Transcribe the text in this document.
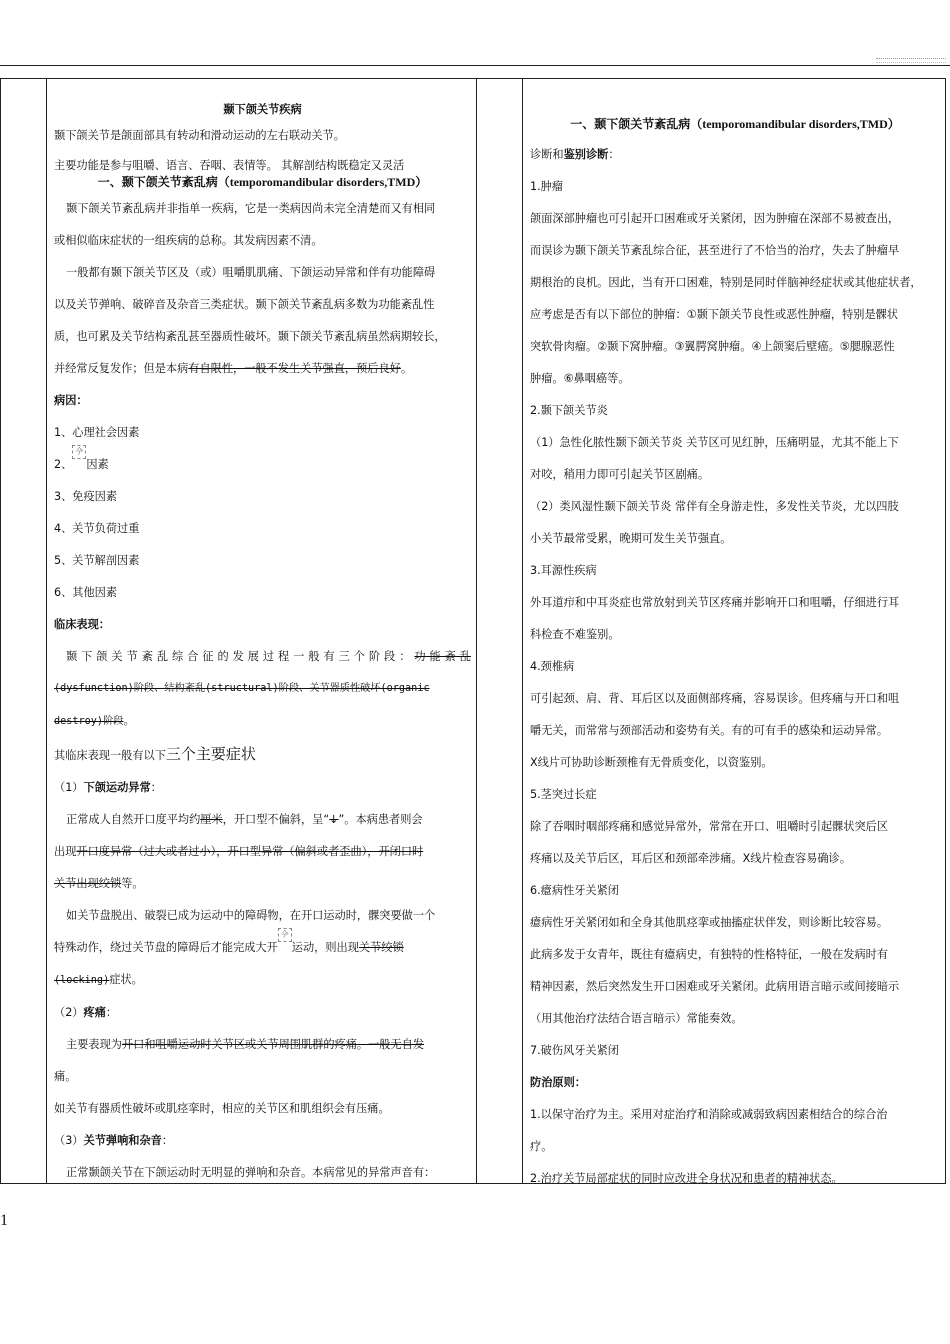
颞下颌关节疾病

颞下颌关节是颌面部具有转动和滑动运动的左右联动关节。

主要功能是参与咀嚼、语言、吞咽、表情等。 其解剖结构既稳定又灵活

一、颞下颌关节紊乱病（temporomandibular disorders,TMD）

颞下颌关节紊乱病并非指单一疾病，它是一类病因尚未完全清楚而又有相同

或相似临床症状的一组疾病的总称。其发病因素不清。

一般都有颞下颌关节区及（或）咀嚼肌肌痛、下颌运动异常和伴有功能障碍

以及关节弹响、破碎音及杂音三类症状。颞下颌关节紊乱病多数为功能紊乱性

质，也可累及关节结构紊乱甚至器质性破坏。颞下颌关节紊乱病虽然病期较长，

并经常反复发作；但是本病有自限性，一般不发生关节强直，预后良好。

病因：

1、心理社会因素

2、𫝆因素

3、免疫因素

4、关节负荷过重

5、关节解剖因素

6、其他因素

临床表现：

颞下颌关节紊乱综合征的发展过程一般有三个阶段：功能紊乱

(dysfunction)阶段、结构紊乱(structural)阶段、关节器质性破坏(organic

destroy)阶段。

其临床表现一般有以下三个主要症状

（1）下颌运动异常：

正常成人自然开口度平均约厘米，开口型不偏斜，呈“↓”。本病患者则会

出现开口度异常（过大或者过小），开口型异常（偏斜或者歪曲），开闭口时

关节出现绞锁等。

如关节盘脱出、破裂已成为运动中的障碍物，在开口运动时，髁突要做一个

特殊动作，绕过关节盘的障碍后才能完成大开𫝆运动，则出现关节绞锁

(locking)症状。

（2）疼痛：

主要表现为开口和咀嚼运动时关节区或关节周围肌群的疼痛。一般无自发

痛。

如关节有器质性破坏或肌痉挛时，相应的关节区和肌组织会有压痛。

（3）关节弹响和杂音：

正常颞颌关节在下颌运动时无明显的弹响和杂音。本病常见的异常声音有：

一、颞下颌关节紊乱病（temporomandibular disorders,TMD）

诊断和鉴别诊断：

1.肿瘤

颌面深部肿瘤也可引起开口困难或牙关紧闭，因为肿瘤在深部不易被查出，

而误诊为颞下颌关节紊乱综合征，甚至进行了不恰当的治疗，失去了肿瘤早

期根治的良机。因此，当有开口困难，特别是同时伴脑神经症状或其他症状者，

应考虑是否有以下部位的肿瘤：①颞下颌关节良性或恶性肿瘤，特别是髁状

突软骨肉瘤。②颞下窝肿瘤。③翼腭窝肿瘤。④上颌窦后壁癌。⑤腮腺恶性

肿瘤。⑥鼻咽癌等。

2.颞下颌关节炎

（1）急性化脓性颞下颌关节炎 关节区可见红肿，压痛明显，尤其不能上下

对咬，稍用力即可引起关节区剧痛。

（2）类风湿性颞下颌关节炎 常伴有全身游走性，多发性关节炎，尤以四肢

小关节最常受累，晚期可发生关节强直。

3.耳源性疾病

外耳道疖和中耳炎症也常放射到关节区疼痛并影响开口和咀嚼，仔细进行耳

科检查不难鉴别。

4.颈椎病

可引起颈、肩、背、耳后区以及面侧部疼痛，容易误诊。但疼痛与开口和咀

嚼无关，而常常与颈部活动和姿势有关。有的可有手的感染和运动异常。

X线片可协助诊断颈椎有无骨质变化，以资鉴别。

5.茎突过长症

除了吞咽时咽部疼痛和感觉异常外，常常在开口、咀嚼时引起髁状突后区

疼痛以及关节后区，耳后区和颈部牵涉痛。X线片检查容易确诊。

6.癔病性牙关紧闭

癔病性牙关紧闭如和全身其他肌痉挛或抽搐症状伴发，则诊断比较容易。

此病多发于女青年，既往有癔病史，有独特的性格特征，一般在发病时有

精神因素，然后突然发生开口困难或牙关紧闭。此病用语言暗示或间接暗示

（用其他治疗法结合语言暗示）常能奏效。

7.破伤风牙关紧闭

防治原则：

1.以保守治疗为主。采用对症治疗和消除或减弱致病因素相结合的综合治

疗。

2.治疗关节局部症状的同时应改进全身状况和患者的精神状态。

1
